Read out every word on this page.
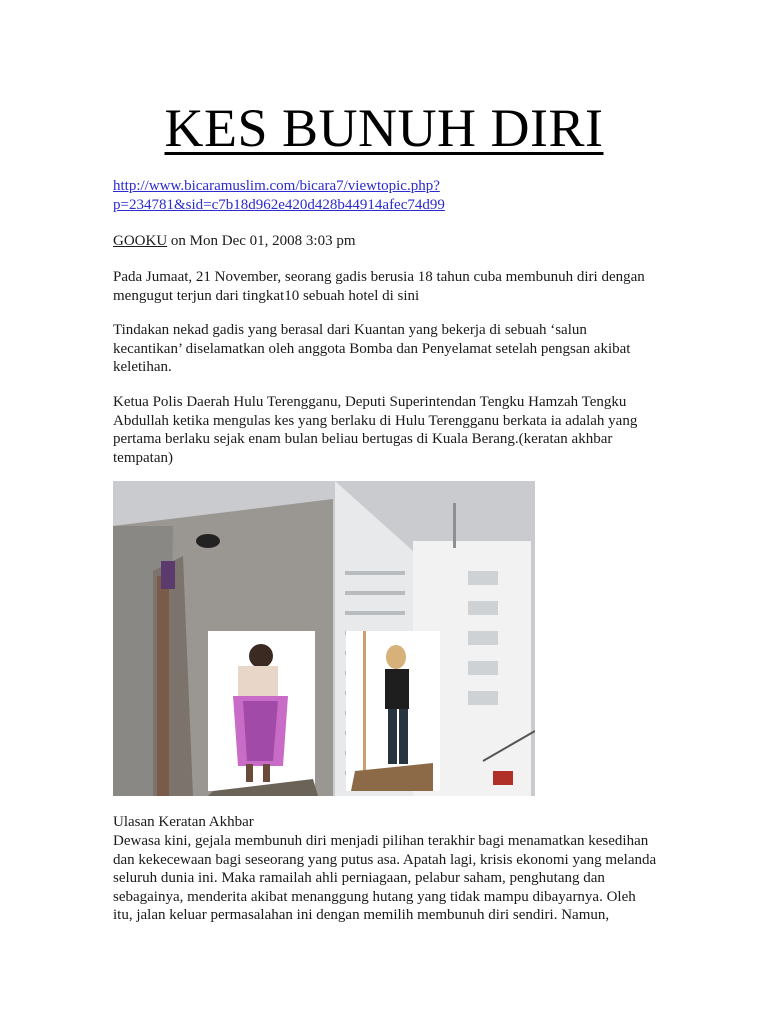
KES BUNUH DIRI
http://www.bicaramuslim.com/bicara7/viewtopic.php?
p=234781&sid=c7b18d962e420d428b44914afec74d99
GOOKU on Mon Dec 01, 2008 3:03 pm
Pada Jumaat, 21 November, seorang gadis berusia 18 tahun cuba membunuh diri dengan mengugut terjun dari tingkat10 sebuah hotel di sini
Tindakan nekad gadis yang berasal dari Kuantan yang bekerja di sebuah ‘salun kecantikan’ diselamatkan oleh anggota Bomba dan Penyelamat setelah pengsan akibat keletihan.
Ketua Polis Daerah Hulu Terengganu, Deputi Superintendan Tengku Hamzah Tengku Abdullah ketika mengulas kes yang berlaku di Hulu Terengganu berkata ia adalah yang pertama berlaku sejak enam bulan beliau bertugas di Kuala Berang.(keratan akhbar tempatan)
Ulasan Keratan Akhbar
Dewasa kini, gejala membunuh diri menjadi pilihan terakhir bagi menamatkan kesedihan dan kekecewaan bagi seseorang yang putus asa. Apatah lagi, krisis ekonomi yang melanda seluruh dunia ini. Maka ramailah ahli perniagaan, pelabur saham, penghutang dan sebagainya, menderita akibat menanggung hutang yang tidak mampu dibayarnya. Oleh itu, jalan keluar permasalahan ini dengan memilih membunuh diri sendiri. Namun,
